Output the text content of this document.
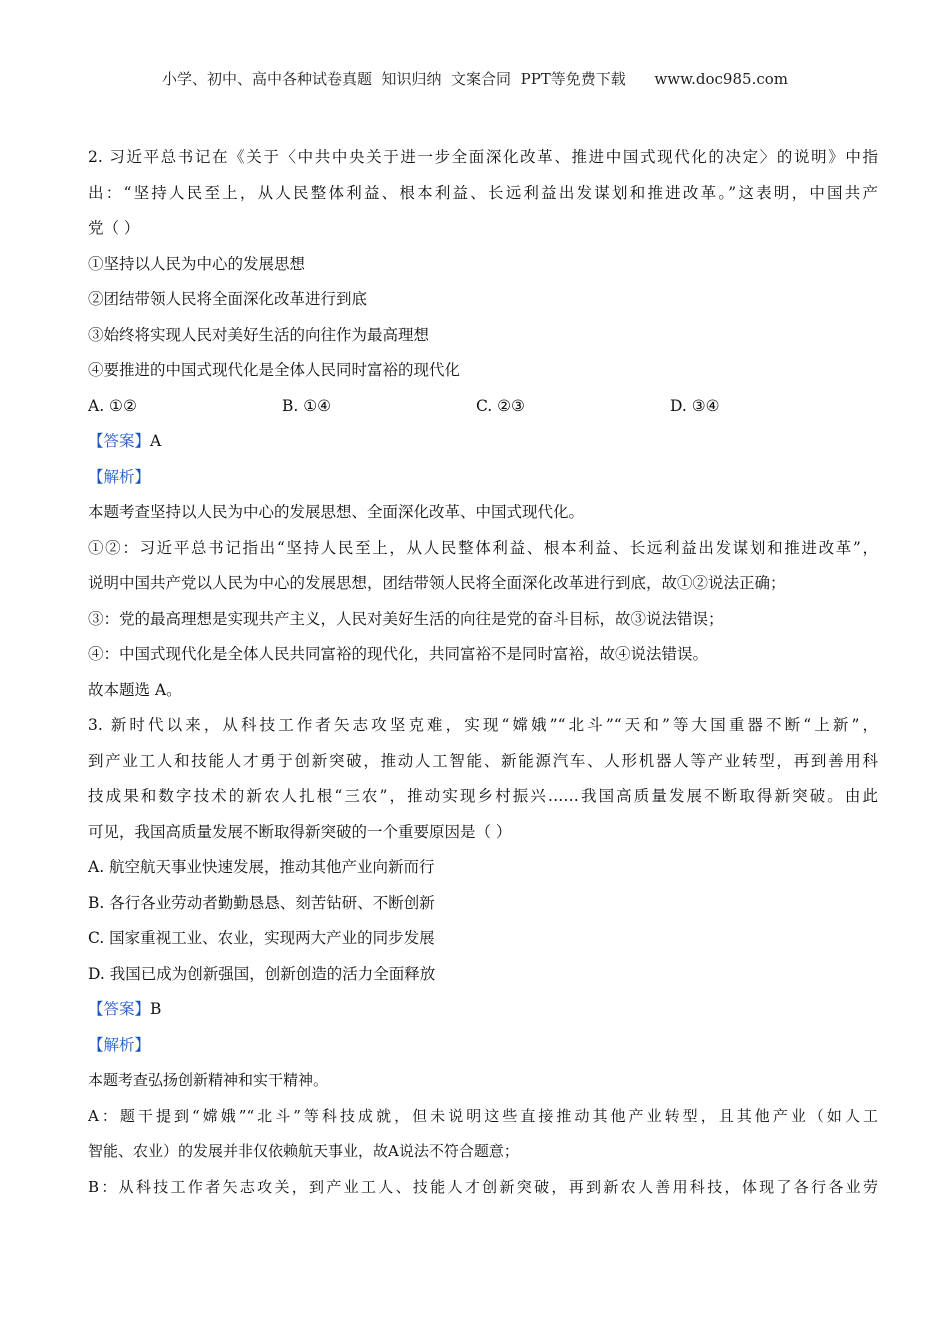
小学、初中、高中各种试卷真题  知识归纳  文案合同  PPT等免费下载      www.doc985.com
2. 习近平总书记在《关于〈中共中央关于进一步全面深化改革、推进中国式现代化的决定〉的说明》中指
出：“坚持人民至上，从人民整体利益、根本利益、长远利益出发谋划和推进改革。”这表明，中国共产
党（ ）
①坚持以人民为中心的发展思想
②团结带领人民将全面深化改革进行到底
③始终将实现人民对美好生活的向往作为最高理想
④要推进的中国式现代化是全体人民同时富裕的现代化
A. ①②	B. ①④	C. ②③	D. ③④
【答案】A
【解析】
本题考查坚持以人民为中心的发展思想、全面深化改革、中国式现代化。
①②：习近平总书记指出“坚持人民至上，从人民整体利益、根本利益、长远利益出发谋划和推进改革”，
说明中国共产党以人民为中心的发展思想，团结带领人民将全面深化改革进行到底，故①②说法正确；
③：党的最高理想是实现共产主义，人民对美好生活的向往是党的奋斗目标，故③说法错误；
④：中国式现代化是全体人民共同富裕的现代化，共同富裕不是同时富裕，故④说法错误。
故本题选 A。
3. 新时代以来，从科技工作者矢志攻坚克难，实现“嫦娥”“北斗”“天和”等大国重器不断“上新”，
到产业工人和技能人才勇于创新突破，推动人工智能、新能源汽车、人形机器人等产业转型，再到善用科
技成果和数字技术的新农人扎根“三农”，推动实现乡村振兴……我国高质量发展不断取得新突破。由此
可见，我国高质量发展不断取得新突破的一个重要原因是（ ）
A. 航空航天事业快速发展，推动其他产业向新而行
B. 各行各业劳动者勤勤恳恳、刻苦钻研、不断创新
C. 国家重视工业、农业，实现两大产业的同步发展
D. 我国已成为创新强国，创新创造的活力全面释放
【答案】B
【解析】
本题考查弘扬创新精神和实干精神。
A：题干提到“嫦娥”“北斗”等科技成就，但未说明这些直接推动其他产业转型，且其他产业（如人工
智能、农业）的发展并非仅依赖航天事业，故A说法不符合题意；
B：从科技工作者矢志攻关，到产业工人、技能人才创新突破，再到新农人善用科技，体现了各行各业劳
